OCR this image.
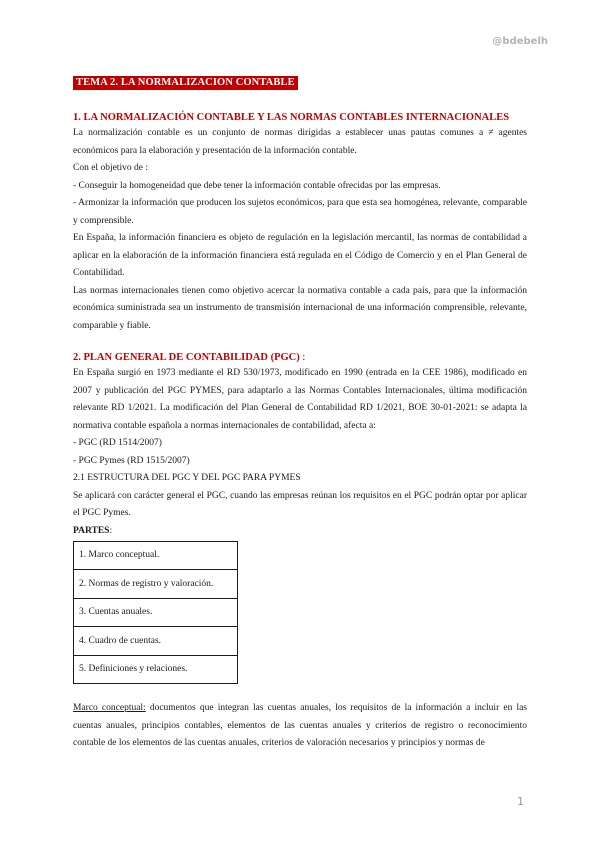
@bdebelh
TEMA 2. LA NORMALIZACION CONTABLE
1. LA NORMALIZACIÓN CONTABLE Y LAS NORMAS CONTABLES INTERNACIONALES

La normalización contable es un conjunto de normas dirigidas a establecer unas pautas comunes a ≠ agentes económicos para la elaboración y presentación de la información contable.

Con el objetivo de :

- Conseguir la homogeneidad que debe tener la información contable ofrecidas por las empresas.

- Armonizar la información que producen los sujetos económicos, para que esta sea homogénea, relevante, comparable y comprensible.

En España, la información financiera es objeto de regulación en la legislación mercantil, las normas de contabilidad a aplicar en la elaboración de la información financiera está regulada en el Código de Comercio y en el Plan General de Contabilidad.

Las normas internacionales tienen como objetivo acercar la normativa contable a cada país, para que la información económica suministrada sea un instrumento de transmisión internacional de una información comprensible, relevante, comparable y fiable.

2. PLAN GENERAL DE CONTABILIDAD (PGC) :

En España surgió en 1973 mediante el RD 530/1973, modificado en 1990 (entrada en la CEE 1986), modificado en 2007 y publicación del PGC PYMES, para adaptarlo a las Normas Contables Internacionales, última modificación relevante RD 1/2021. La modificación del Plan General de Contabilidad RD 1/2021, BOE 30-01-2021: se adapta la normativa contable española a normas internacionales de contabilidad, afecta a:

- PGC (RD 1514/2007)

- PGC Pymes (RD 1515/2007)

2.1 ESTRUCTURA DEL PGC Y DEL PGC PARA PYMES

Se aplicará con carácter general el PGC, cuando las empresas reúnan los requisitos en el PGC podrán optar por aplicar el PGC Pymes.

PARTES:
1. Marco conceptual.
2. Normas de registro y valoración.
3. Cuentas anuales.
4. Cuadro de cuentas.
5. Definiciones y relaciones.

Marco conceptual: documentos que integran las cuentas anuales, los requisitos de la información a incluir en las cuentas anuales, principios contables, elementos de las cuentas anuales y criterios de registro o reconocimiento contable de los elementos de las cuentas anuales, criterios de valoración necesarios y principios y normas de

1
